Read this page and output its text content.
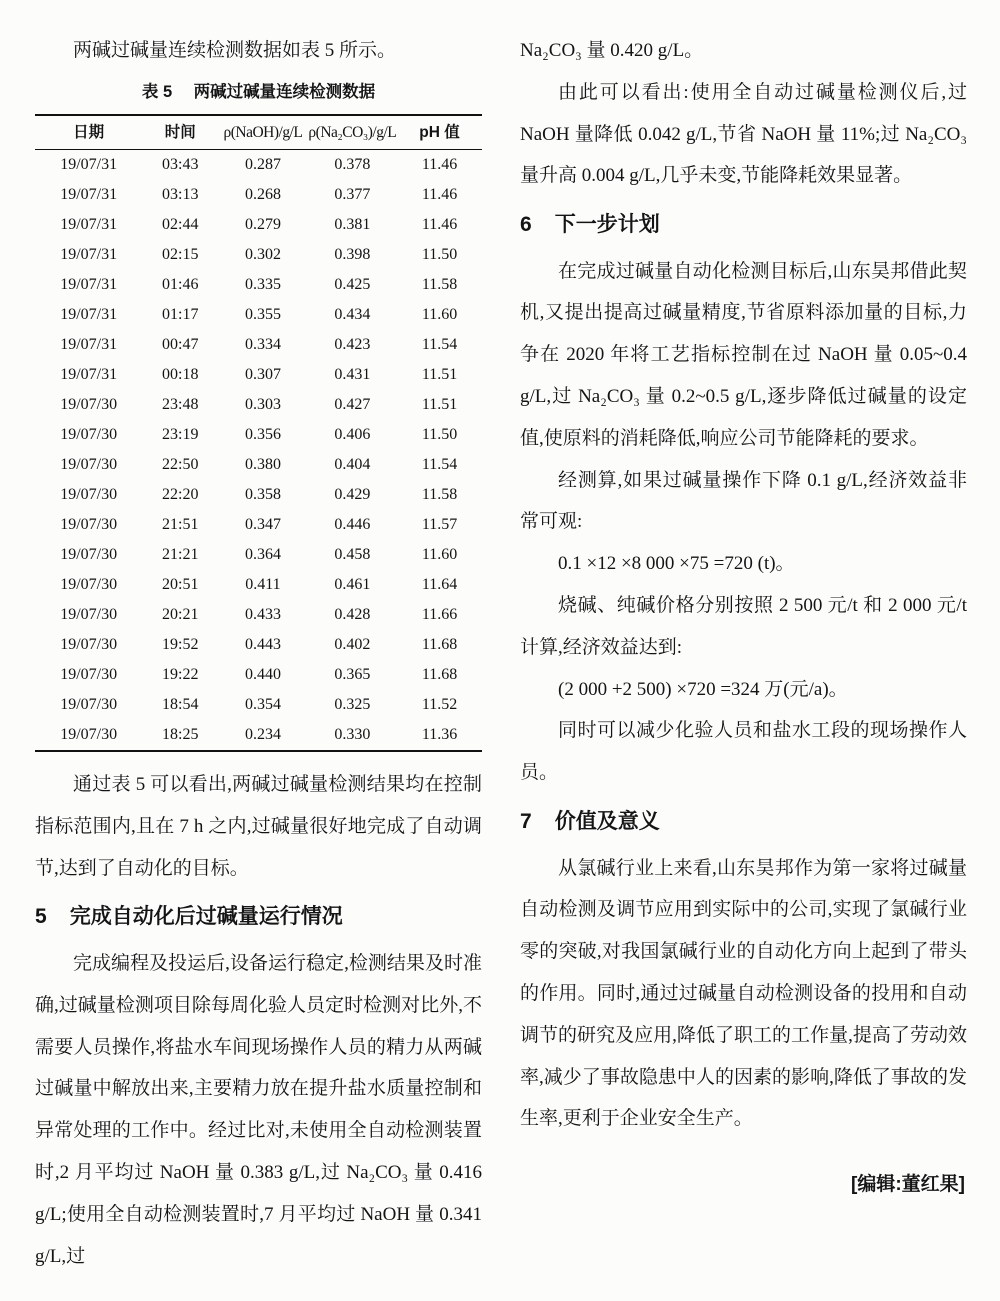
两碱过碱量连续检测数据如表 5 所示。

表 5 两碱过碱量连续检测数据
日期	时间	ρ(NaOH)/g/L	ρ(Na₂CO₃)/g/L	pH 值
19/07/31	03:43	0.287	0.378	11.46
19/07/31	03:13	0.268	0.377	11.46
19/07/31	02:44	0.279	0.381	11.46
19/07/31	02:15	0.302	0.398	11.50
19/07/31	01:46	0.335	0.425	11.58
19/07/31	01:17	0.355	0.434	11.60
19/07/31	00:47	0.334	0.423	11.54
19/07/31	00:18	0.307	0.431	11.51
19/07/30	23:48	0.303	0.427	11.51
19/07/30	23:19	0.356	0.406	11.50
19/07/30	22:50	0.380	0.404	11.54
19/07/30	22:20	0.358	0.429	11.58
19/07/30	21:51	0.347	0.446	11.57
19/07/30	21:21	0.364	0.458	11.60
19/07/30	20:51	0.411	0.461	11.64
19/07/30	20:21	0.433	0.428	11.66
19/07/30	19:52	0.443	0.402	11.68
19/07/30	19:22	0.440	0.365	11.68
19/07/30	18:54	0.354	0.325	11.52
19/07/30	18:25	0.234	0.330	11.36

通过表 5 可以看出,两碱过碱量检测结果均在控制指标范围内,且在 7 h 之内,过碱量很好地完成了自动调节,达到了自动化的目标。

5 完成自动化后过碱量运行情况

完成编程及投运后,设备运行稳定,检测结果及时准确,过碱量检测项目除每周化验人员定时检测对比外,不需要人员操作,将盐水车间现场操作人员的精力从两碱过碱量中解放出来,主要精力放在提升盐水质量控制和异常处理的工作中。经过比对,未使用全自动检测装置时,2 月平均过 NaOH 量 0.383 g/L,过 Na₂CO₃ 量 0.416 g/L;使用全自动检测装置时,7 月平均过 NaOH 量 0.341 g/L,过

Na₂CO₃ 量 0.420 g/L。

由此可以看出:使用全自动过碱量检测仪后,过 NaOH 量降低 0.042 g/L,节省 NaOH 量 11%;过 Na₂CO₃ 量升高 0.004 g/L,几乎未变,节能降耗效果显著。

6 下一步计划

在完成过碱量自动化检测目标后,山东昊邦借此契机,又提出提高过碱量精度,节省原料添加量的目标,力争在 2020 年将工艺指标控制在过 NaOH 量 0.05~0.4 g/L,过 Na₂CO₃ 量 0.2~0.5 g/L,逐步降低过碱量的设定值,使原料的消耗降低,响应公司节能降耗的要求。

经测算,如果过碱量操作下降 0.1 g/L,经济效益非常可观:

0.1 ×12 ×8 000 ×75 =720 (t)。

烧碱、纯碱价格分别按照 2 500 元/t 和 2 000 元/t 计算,经济效益达到:

(2 000 +2 500) ×720 =324 万(元/a)。

同时可以减少化验人员和盐水工段的现场操作人员。

7 价值及意义

从氯碱行业上来看,山东昊邦作为第一家将过碱量自动检测及调节应用到实际中的公司,实现了氯碱行业零的突破,对我国氯碱行业的自动化方向上起到了带头的作用。同时,通过过碱量自动检测设备的投用和自动调节的研究及应用,降低了职工的工作量,提高了劳动效率,减少了事故隐患中人的因素的影响,降低了事故的发生率,更利于企业安全生产。

[编辑:董红果]
